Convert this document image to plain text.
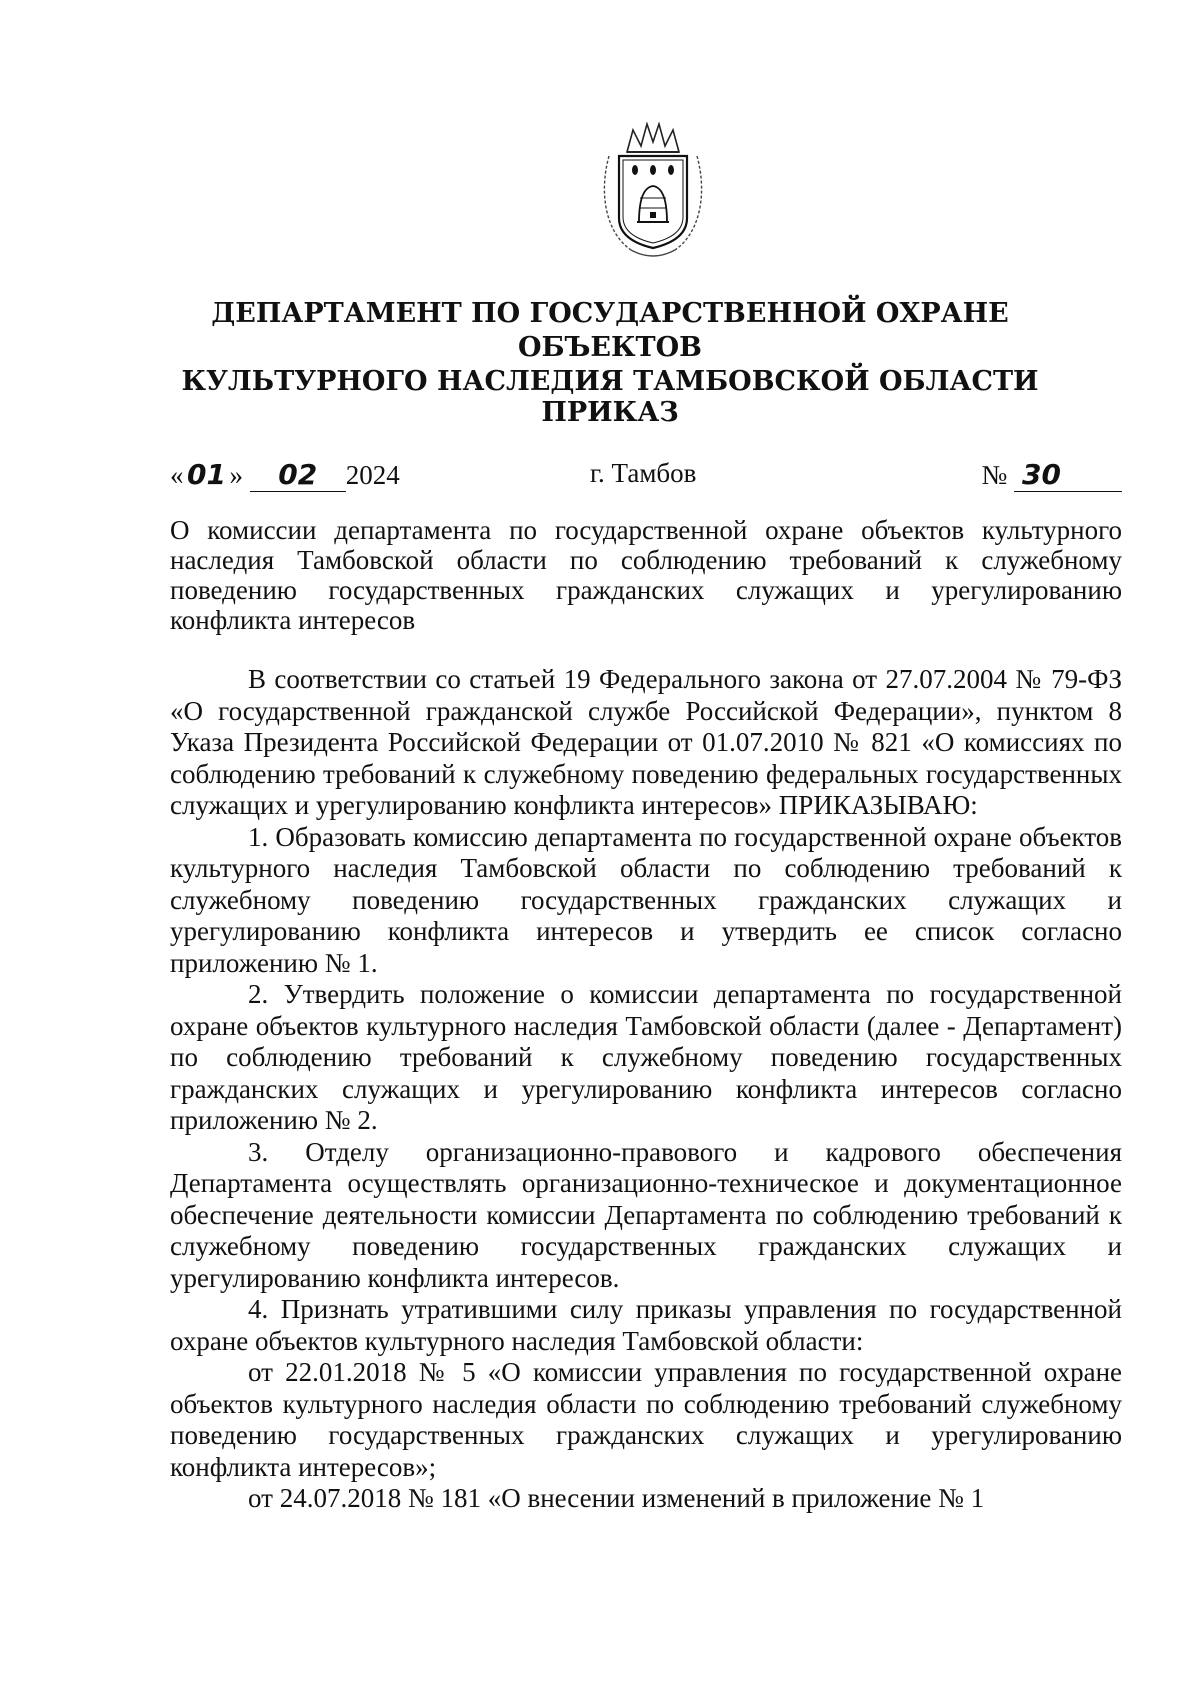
ДЕПАРТАМЕНТ ПО ГОСУДАРСТВЕННОЙ ОХРАНЕ ОБЪЕКТОВ
КУЛЬТУРНОГО НАСЛЕДИЯ ТАМБОВСКОЙ ОБЛАСТИ
ПРИКАЗ
« 01 » 02 2024	г. Тамбов	№ 30
О комиссии департамента по государственной охране объектов культурного наследия Тамбовской области по соблюдению требований к служебному поведению государственных гражданских служащих и урегулированию конфликта интересов

В соответствии со статьей 19 Федерального закона от 27.07.2004 № 79-ФЗ «О государственной гражданской службе Российской Федерации», пунктом 8 Указа Президента Российской Федерации от 01.07.2010 № 821 «О комиссиях по соблюдению требований к служебному поведению федеральных государственных служащих и урегулированию конфликта интересов» ПРИКАЗЫВАЮ:

1. Образовать комиссию департамента по государственной охране объектов культурного наследия Тамбовской области по соблюдению требований к служебному поведению государственных гражданских служащих и урегулированию конфликта интересов и утвердить ее список согласно приложению № 1.

2. Утвердить положение о комиссии департамента по государственной охране объектов культурного наследия Тамбовской области (далее - Департамент) по соблюдению требований к служебному поведению государственных гражданских служащих и урегулированию конфликта интересов согласно приложению № 2.

3. Отделу организационно-правового и кадрового обеспечения Департамента осуществлять организационно-техническое и документационное обеспечение деятельности комиссии Департамента по соблюдению требований к служебному поведению государственных гражданских служащих и урегулированию конфликта интересов.

4. Признать утратившими силу приказы управления по государственной охране объектов культурного наследия Тамбовской области:

от 22.01.2018 № 5 «О комиссии управления по государственной охране объектов культурного наследия области по соблюдению требований служебному поведению государственных гражданских служащих и урегулированию конфликта интересов»;

от 24.07.2018 № 181 «О внесении изменений в приложение № 1
